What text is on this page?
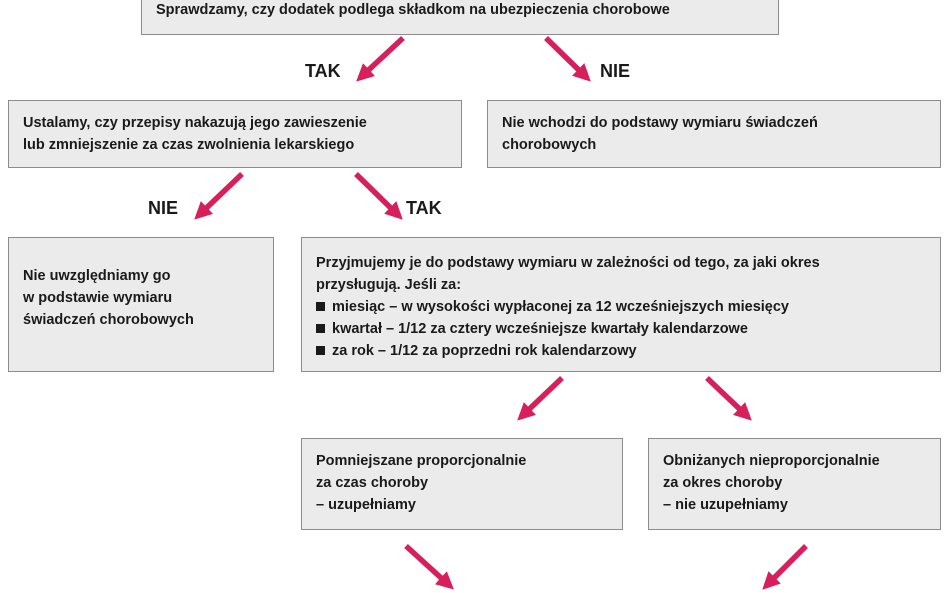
Sprawdzamy, czy dodatek podlega składkom na ubezpieczenia chorobowe
Ustalamy, czy przepisy nakazują jego zawieszenie
lub zmniejszenie za czas zwolnienia lekarskiego
Nie wchodzi do podstawy wymiaru świadczeń
chorobowych
Nie uwzględniamy go
w podstawie wymiaru
świadczeń chorobowych
Przyjmujemy je do podstawy wymiaru w zależności od tego, za jaki okres
przysługują. Jeśli za:
miesiąc – w wysokości wypłaconej za 12 wcześniejszych miesięcy
kwartał – 1/12 za cztery wcześniejsze kwartały kalendarzowe
za rok – 1/12 za poprzedni rok kalendarzowy
Pomniejszane proporcjonalnie
za czas choroby
– uzupełniamy
Obniżanych nieproporcjonalnie
za okres choroby
– nie uzupełniamy
TAK	NIE
NIE	TAK
